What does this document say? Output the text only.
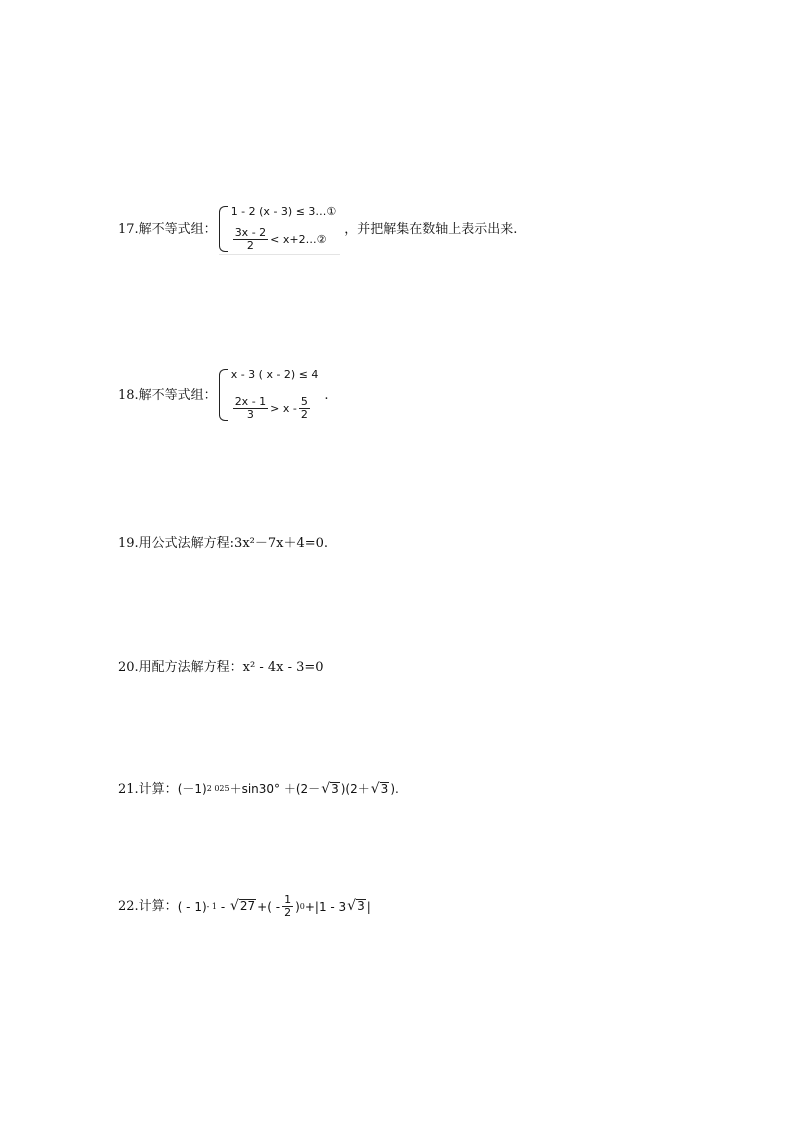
17.解不等式组：
1 - 2 (x - 3) ≤ 3…①
$\frac{3x - 2}{2}$ < x+2…②
，并把解集在数轴上表示出来.
18.解不等式组：
x - 3 ( x - 2) ≤ 4
$\frac{2x - 1}{3} > x - \frac{5}{2}$
.
19.用公式法解方程:3x²－7x＋4=0.
20.用配方法解方程：x² - 4x - 3=0
21.计算： (－1) 2 025 ＋sin30° ＋(2－ √ 3 )(2＋ √ 3 ).
22.计算： ( - 1) - 1 - √ 27 +( - $\frac{1}{2}$ ) 0 +|1 - 3 √ 3 |
